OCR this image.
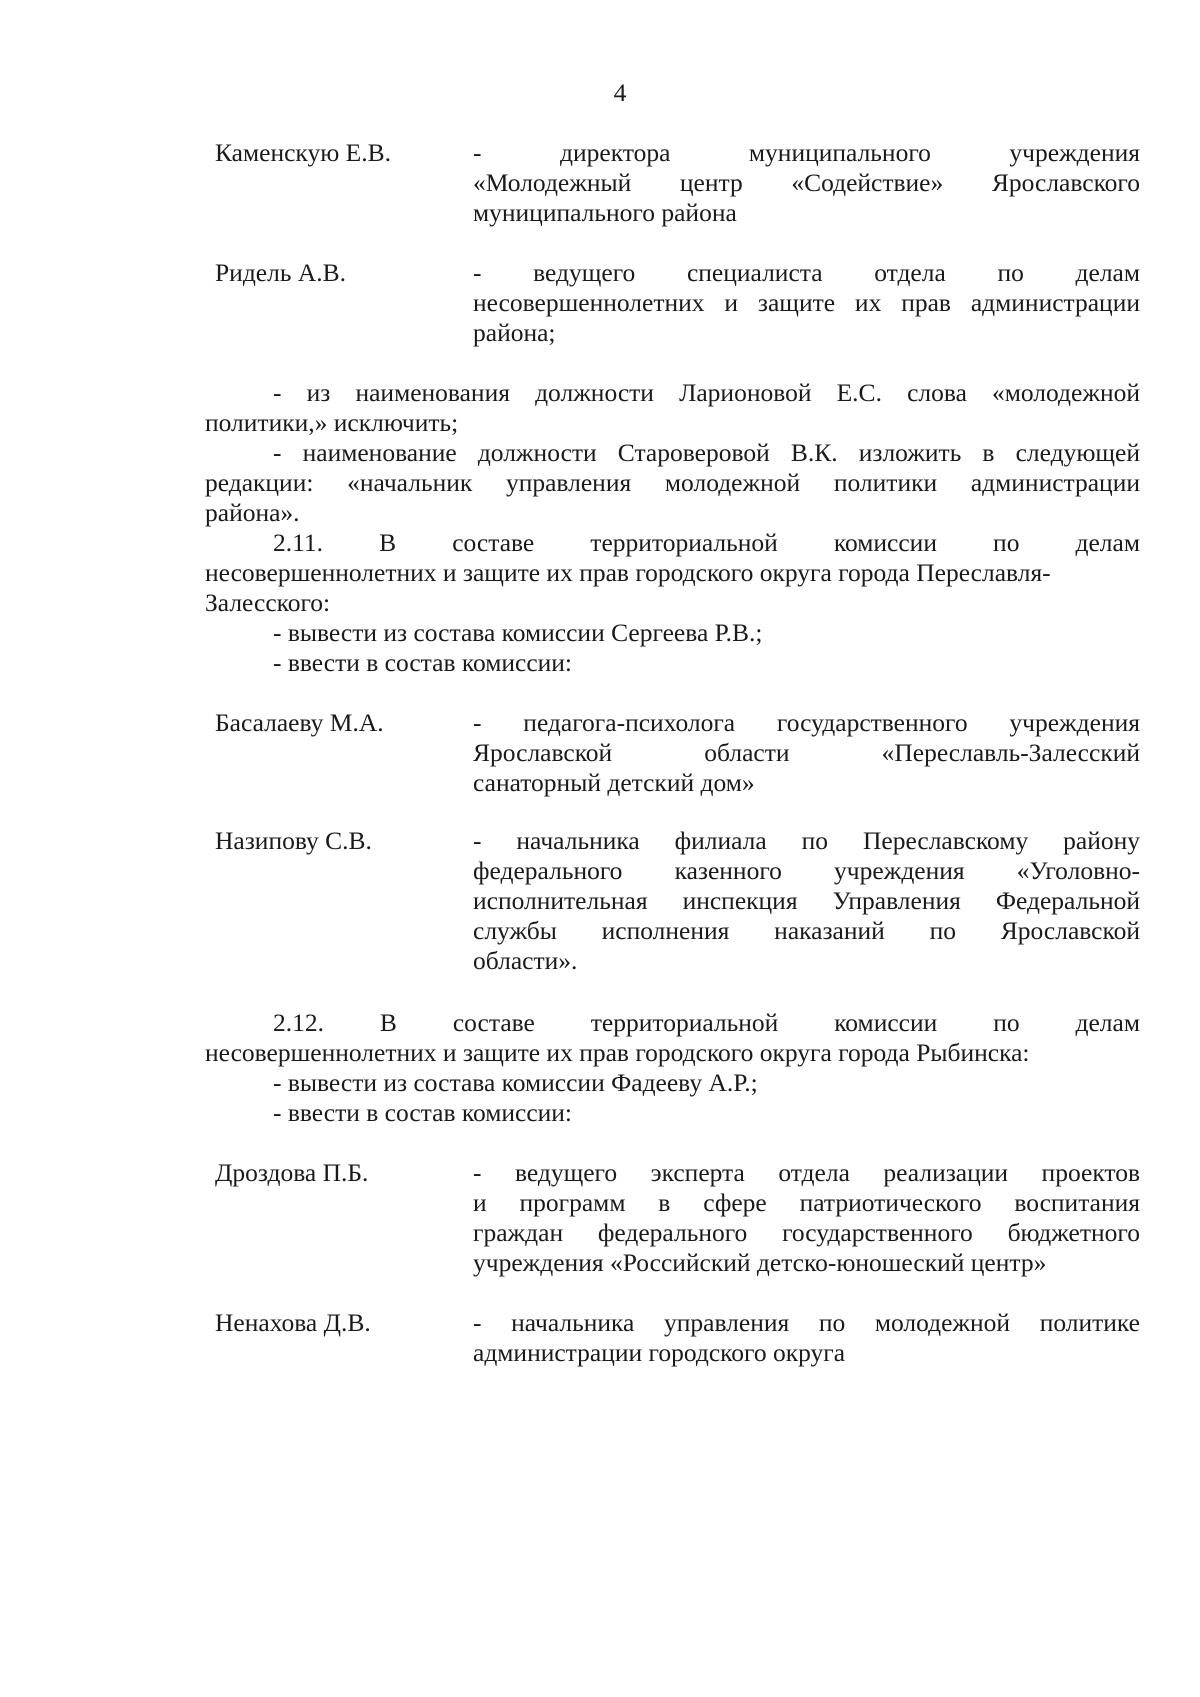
4
Каменскую Е.В.	- директора муниципального учреждения
«Молодежный центр «Содействие» Ярославского
муниципального района
Ридель А.В.	- ведущего специалиста отдела по делам
несовершеннолетних и защите их прав администрации
района;
- из наименования должности Ларионовой Е.С. слова «молодежной
политики,» исключить;
- наименование должности Староверовой В.К. изложить в следующей
редакции: «начальник управления молодежной политики администрации
района».
2.11. В составе территориальной комиссии по делам
несовершеннолетних и защите их прав городского округа города Переславля-
Залесского:
- вывести из состава комиссии Сергеева Р.В.;
- ввести в состав комиссии:
Басалаеву М.А.	- педагога-психолога государственного учреждения
Ярославской области «Переславль-Залесский
санаторный детский дом»
Назипову С.В.	- начальника филиала по Переславскому району
федерального казенного учреждения «Уголовно-
исполнительная инспекция Управления Федеральной
службы исполнения наказаний по Ярославской
области».
2.12. В составе территориальной комиссии по делам
несовершеннолетних и защите их прав городского округа города Рыбинска:
- вывести из состава комиссии Фадееву А.Р.;
- ввести в состав комиссии:
Дроздова П.Б.	- ведущего эксперта отдела реализации проектов
и программ в сфере патриотического воспитания
граждан федерального государственного бюджетного
учреждения «Российский детско-юношеский центр»
Ненахова Д.В.	- начальника управления по молодежной политике
администрации городского округа
